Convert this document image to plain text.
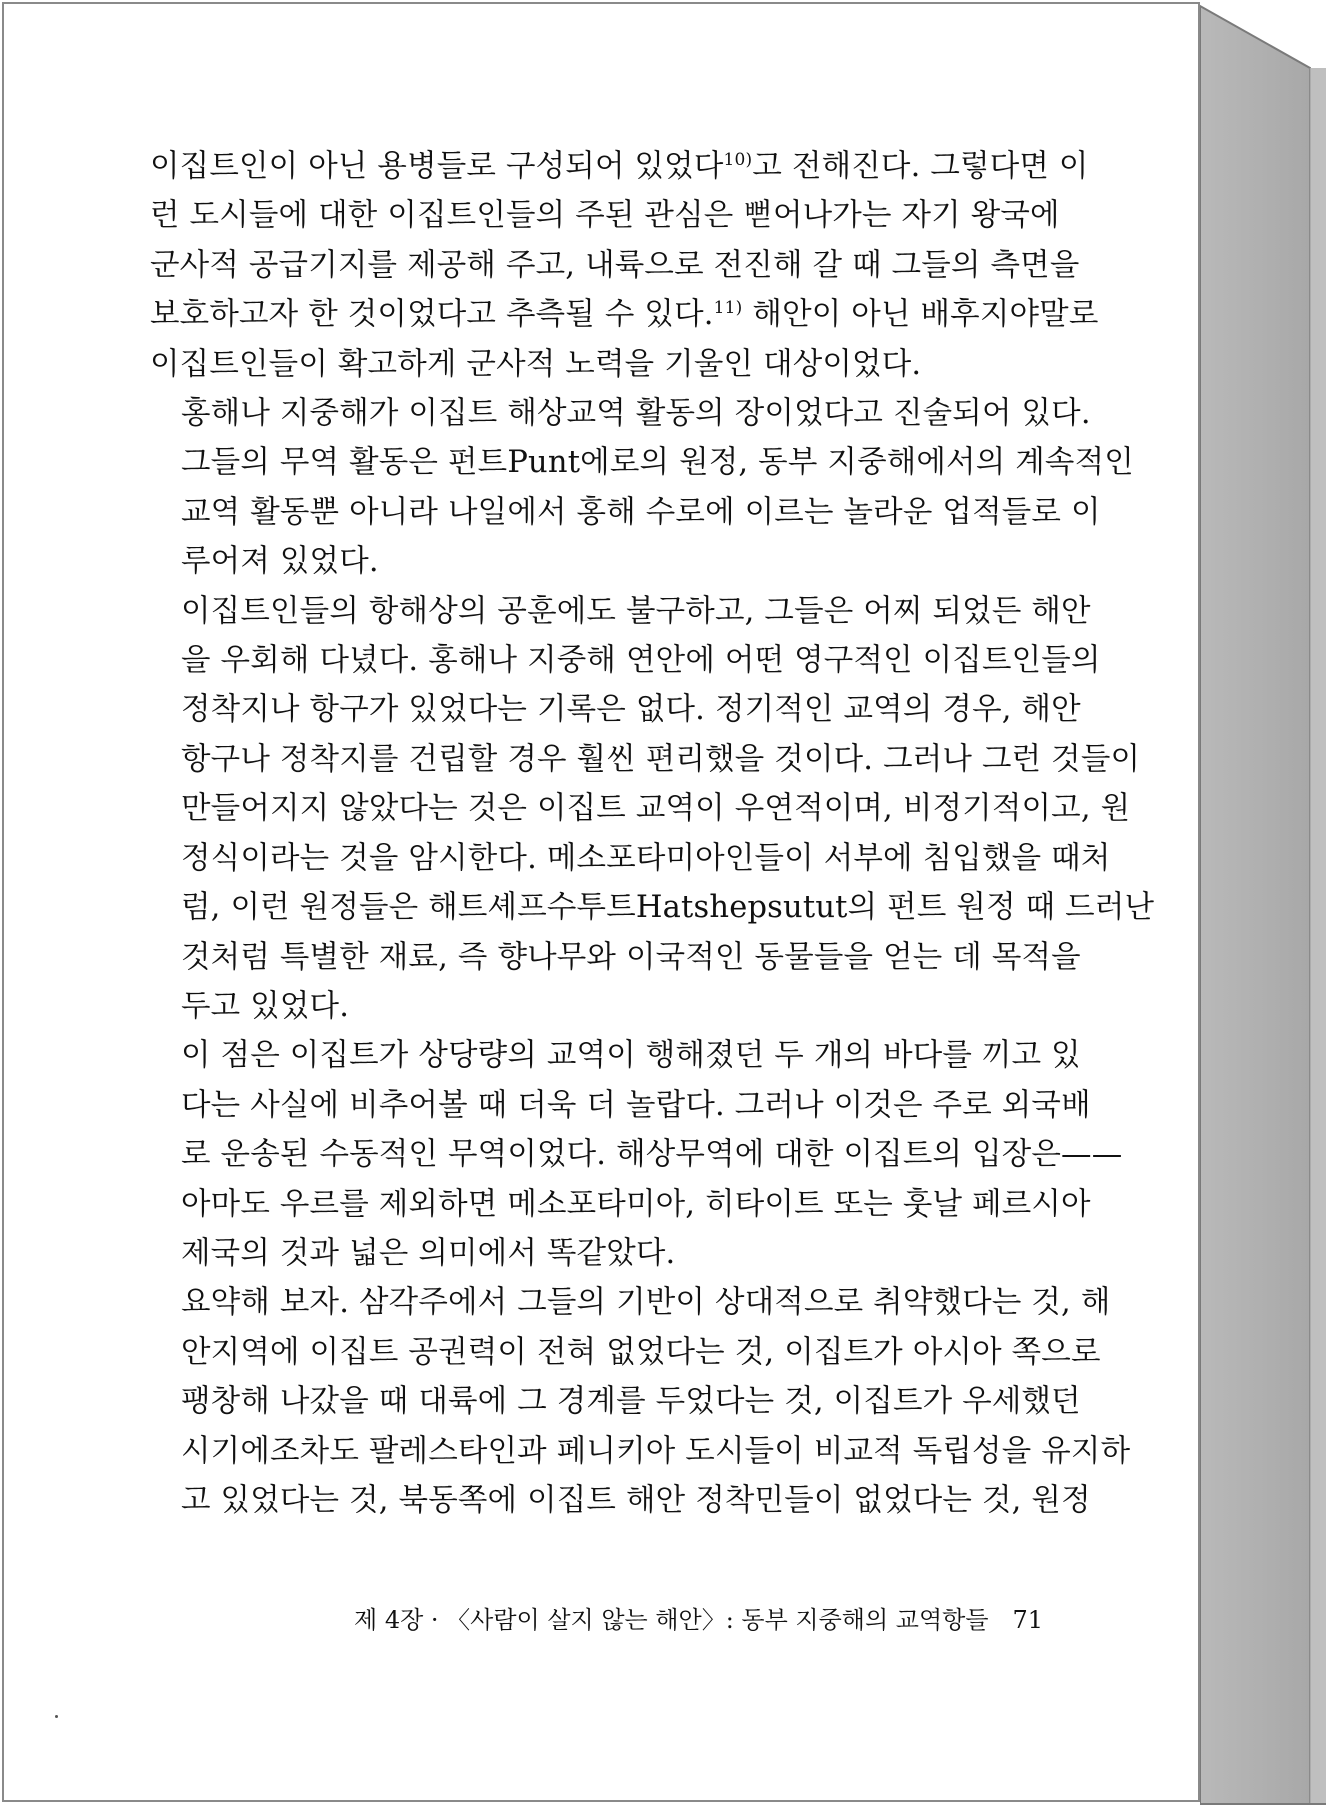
이집트인이 아닌 용병들로 구성되어 있었다$^{10)}$고 전해진다. 그렇다면 이
런 도시들에 대한 이집트인들의 주된 관심은 뻗어나가는 자기 왕국에
군사적 공급기지를 제공해 주고, 내륙으로 전진해 갈 때 그들의 측면을
보호하고자 한 것이었다고 추측될 수 있다.$^{11)}$ 해안이 아닌 배후지야말로
이집트인들이 확고하게 군사적 노력을 기울인 대상이었다.
홍해나 지중해가 이집트 해상교역 활동의 장이었다고 진술되어 있다.
그들의 무역 활동은 펀트Punt에로의 원정, 동부 지중해에서의 계속적인
교역 활동뿐 아니라 나일에서 홍해 수로에 이르는 놀라운 업적들로 이
루어져 있었다.
이집트인들의 항해상의 공훈에도 불구하고, 그들은 어찌 되었든 해안
을 우회해 다녔다. 홍해나 지중해 연안에 어떤 영구적인 이집트인들의
정착지나 항구가 있었다는 기록은 없다. 정기적인 교역의 경우, 해안
항구나 정착지를 건립할 경우 훨씬 편리했을 것이다. 그러나 그런 것들이
만들어지지 않았다는 것은 이집트 교역이 우연적이며, 비정기적이고, 원
정식이라는 것을 암시한다. 메소포타미아인들이 서부에 침입했을 때처
럼, 이런 원정들은 해트셰프수투트Hatshepsutut의 펀트 원정 때 드러난
것처럼 특별한 재료, 즉 향나무와 이국적인 동물들을 얻는 데 목적을
두고 있었다.
이 점은 이집트가 상당량의 교역이 행해졌던 두 개의 바다를 끼고 있
다는 사실에 비추어볼 때 더욱 더 놀랍다. 그러나 이것은 주로 외국배
로 운송된 수동적인 무역이었다. 해상무역에 대한 이집트의 입장은——
아마도 우르를 제외하면 메소포타미아, 히타이트 또는 훗날 페르시아
제국의 것과 넓은 의미에서 똑같았다.
요약해 보자. 삼각주에서 그들의 기반이 상대적으로 취약했다는 것, 해
안지역에 이집트 공권력이 전혀 없었다는 것, 이집트가 아시아 쪽으로
팽창해 나갔을 때 대륙에 그 경계를 두었다는 것, 이집트가 우세했던
시기에조차도 팔레스타인과 페니키아 도시들이 비교적 독립성을 유지하
고 있었다는 것, 북동쪽에 이집트 해안 정착민들이 없었다는 것, 원정
제 4장 · 〈사람이 살지 않는 해안〉: 동부 지중해의 교역항들 71
